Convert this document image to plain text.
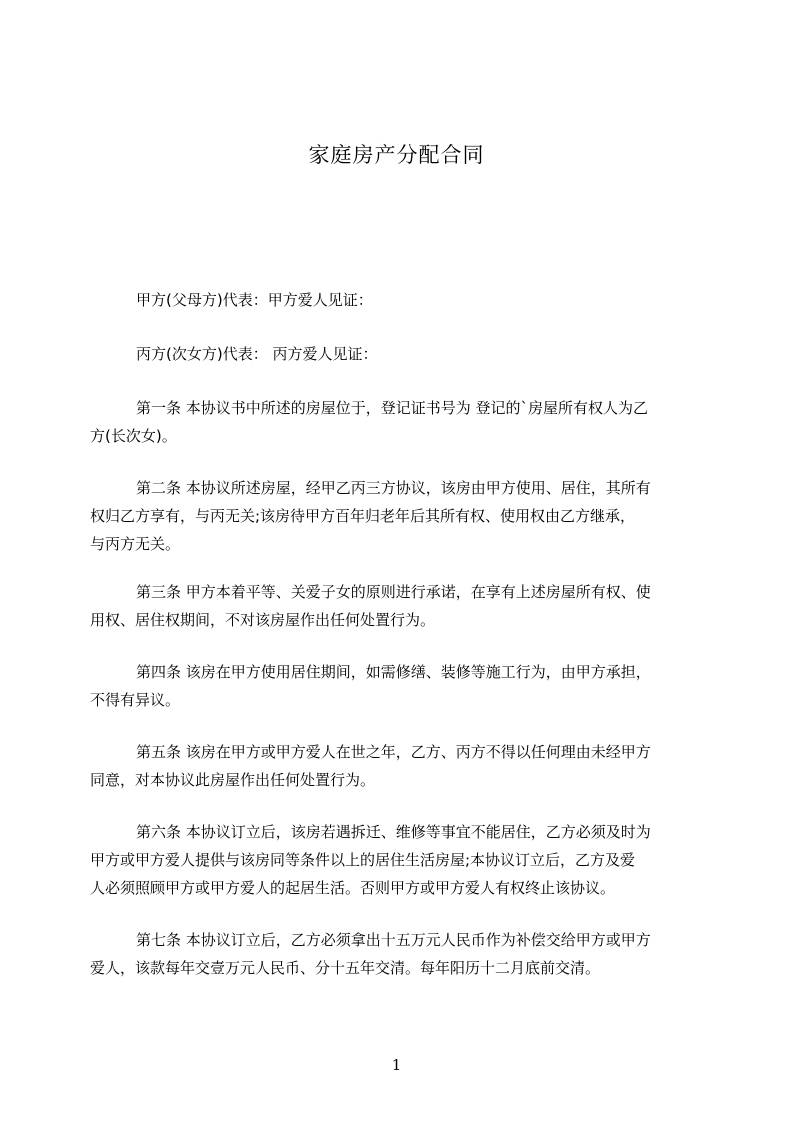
家庭房产分配合同

甲方(父母方)代表：甲方爱人见证：

丙方(次女方)代表： 丙方爱人见证：

第一条 本协议书中所述的房屋位于，登记证书号为 登记的`房屋所有权人为乙
方(长次女)。

第二条 本协议所述房屋，经甲乙丙三方协议，该房由甲方使用、居住，其所有
权归乙方享有，与丙无关;该房待甲方百年归老年后其所有权、使用权由乙方继承，
与丙方无关。

第三条 甲方本着平等、关爱子女的原则进行承诺，在享有上述房屋所有权、使
用权、居住权期间，不对该房屋作出任何处置行为。

第四条 该房在甲方使用居住期间，如需修缮、装修等施工行为，由甲方承担，
不得有异议。

第五条 该房在甲方或甲方爱人在世之年，乙方、丙方不得以任何理由未经甲方
同意，对本协议此房屋作出任何处置行为。

第六条 本协议订立后，该房若遇拆迁、维修等事宜不能居住，乙方必须及时为
甲方或甲方爱人提供与该房同等条件以上的居住生活房屋;本协议订立后，乙方及爱
人必须照顾甲方或甲方爱人的起居生活。否则甲方或甲方爱人有权终止该协议。

第七条 本协议订立后，乙方必须拿出十五万元人民币作为补偿交给甲方或甲方
爱人，该款每年交壹万元人民币、分十五年交清。每年阳历十二月底前交清。

1
